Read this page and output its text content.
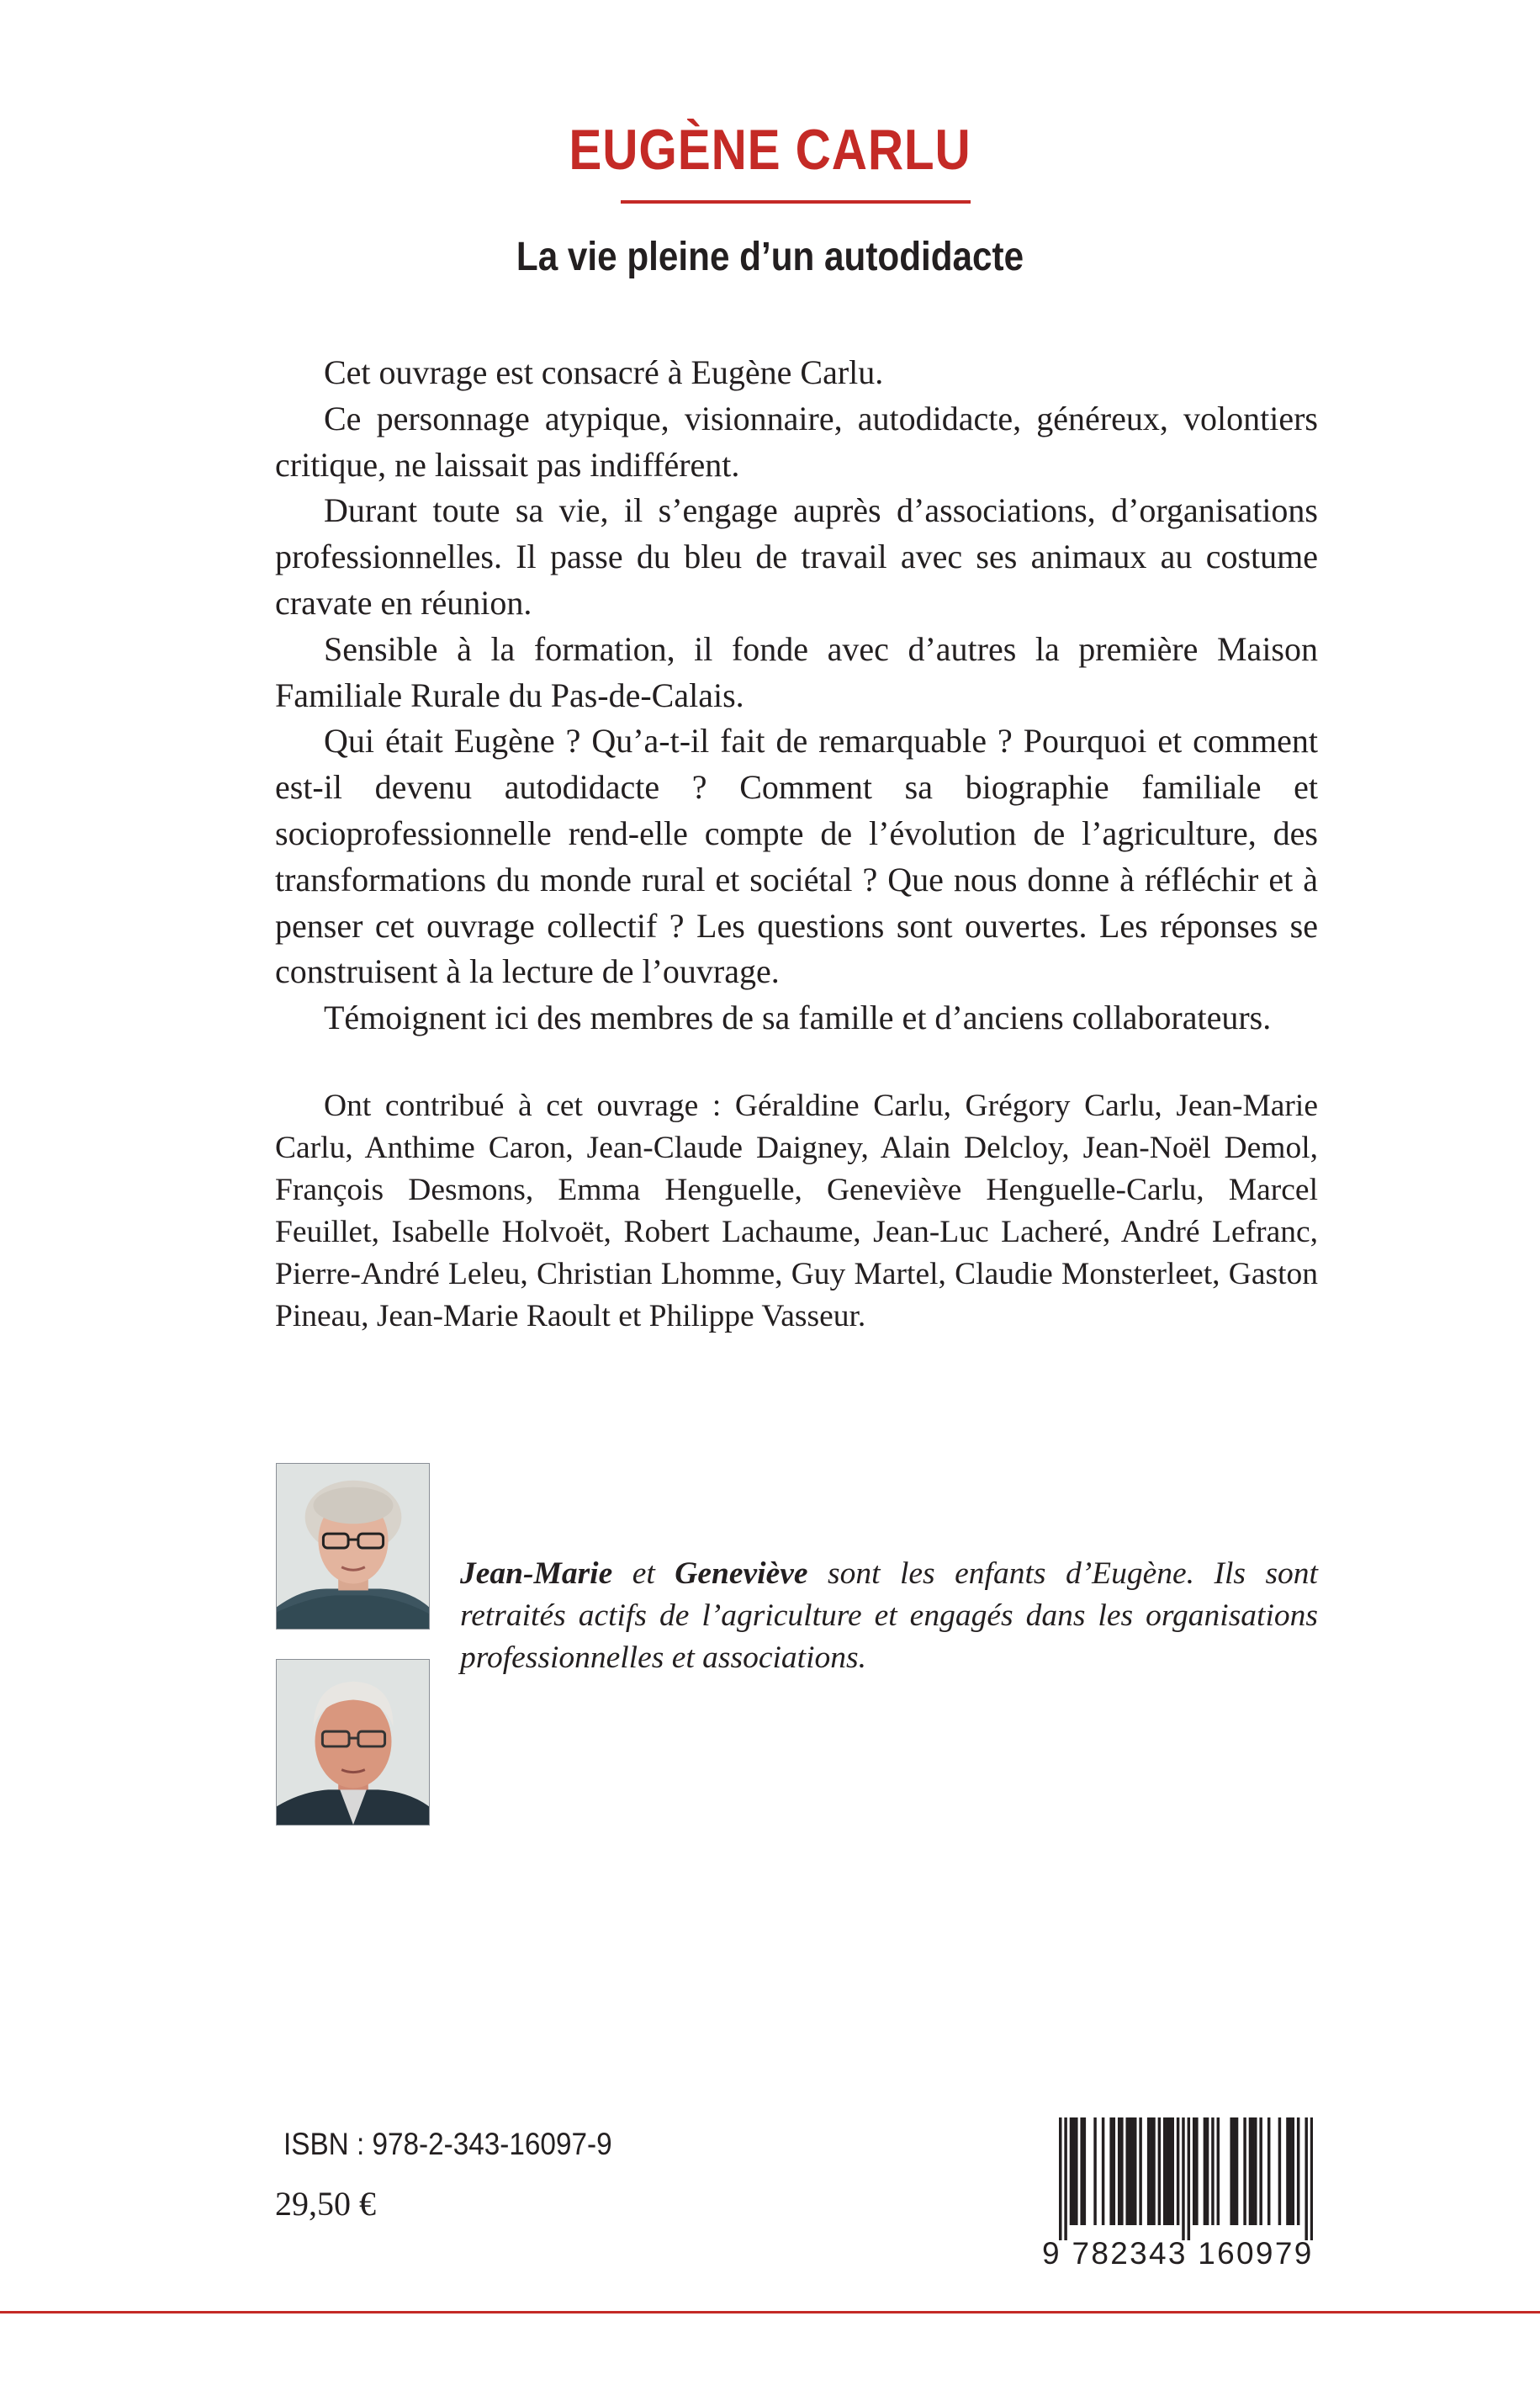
EUGÈNE CARLU
La vie pleine d’un autodidacte

Cet ouvrage est consacré à Eugène Carlu.

Ce personnage atypique, visionnaire, autodidacte, généreux, volontiers critique, ne laissait pas indifférent.

Durant toute sa vie, il s’engage auprès d’associations, d’organisations professionnelles. Il passe du bleu de travail avec ses animaux au costume cravate en réunion.

Sensible à la formation, il fonde avec d’autres la première Maison Familiale Rurale du Pas-de-Calais.

Qui était Eugène ? Qu’a-t-il fait de remarquable ? Pourquoi et comment est-il devenu autodidacte ? Comment sa biographie familiale et socioprofessionnelle rend-elle compte de l’évolution de l’agriculture, des transformations du monde rural et sociétal ? Que nous donne à réfléchir et à penser cet ouvrage collectif ? Les questions sont ouvertes. Les réponses se construisent à la lecture de l’ouvrage.

Témoignent ici des membres de sa famille et d’anciens collaborateurs.

Ont contribué à cet ouvrage : Géraldine Carlu, Grégory Carlu, Jean-Marie Carlu, Anthime Caron, Jean-Claude Daigney, Alain Delcloy, Jean-Noël Demol, François Desmons, Emma Henguelle, Geneviève Henguelle-Carlu, Marcel Feuillet, Isabelle Holvoët, Robert Lachaume, Jean-Luc Lacheré, André Lefranc, Pierre-André Leleu, Christian Lhomme, Guy Martel, Claudie Monsterleet, Gaston Pineau, Jean-Marie Raoult et Philippe Vasseur.

Jean-Marie et Geneviève sont les enfants d’Eugène. Ils sont retraités actifs de l’agriculture et engagés dans les organisations professionnelles et associations.

ISBN : 978-2-343-16097-9
29,50 €
9 782343 160979
